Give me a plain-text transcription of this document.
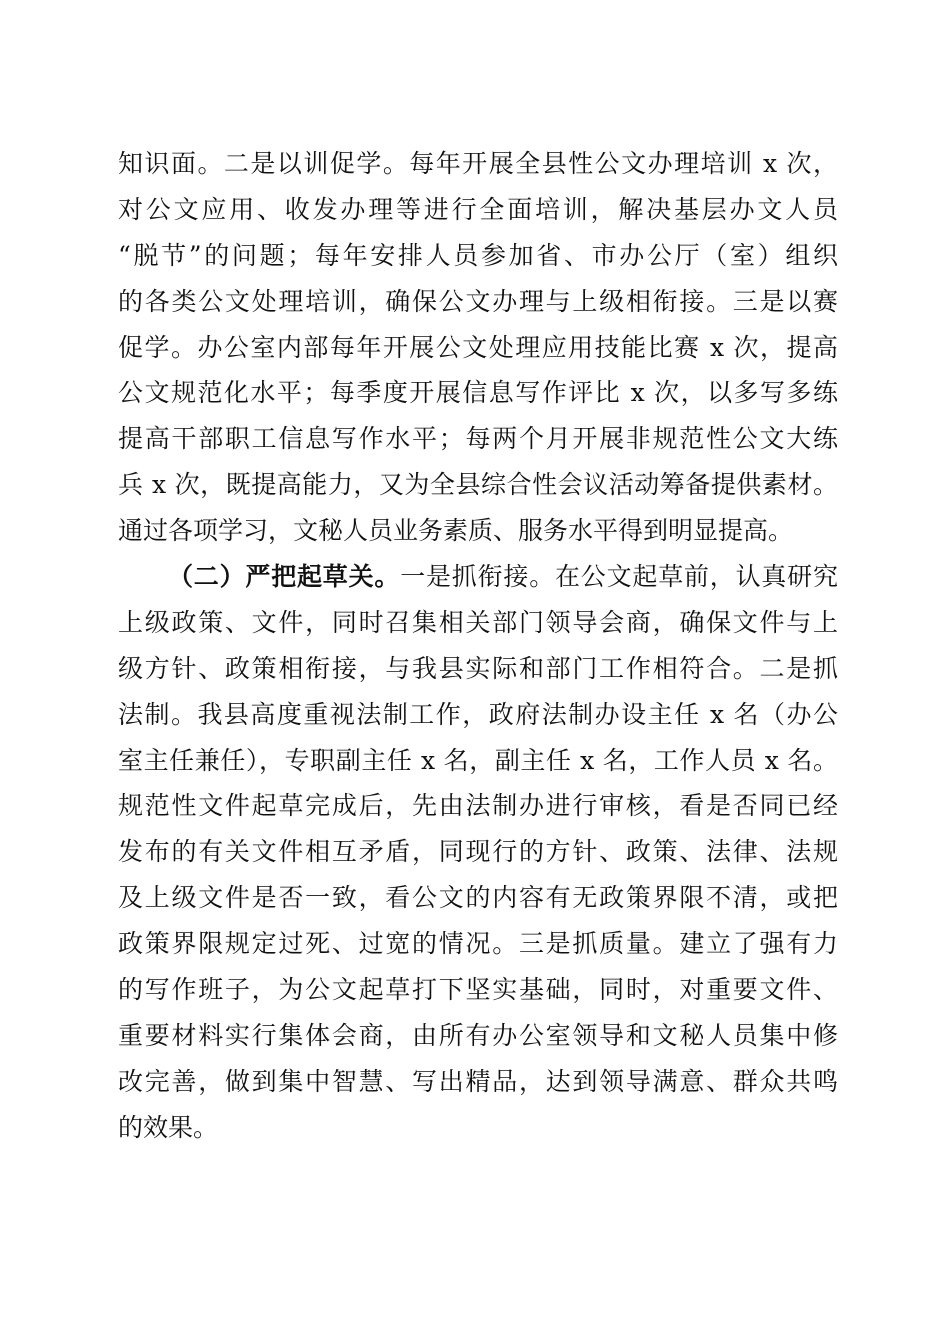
知识面。二是以训促学。每年开展全县性公文办理培训 x 次，
对公文应用、收发办理等进行全面培训，解决基层办文人员
“脱节”的问题；每年安排人员参加省、市办公厅（室）组织
的各类公文处理培训，确保公文办理与上级相衔接。三是以赛
促学。办公室内部每年开展公文处理应用技能比赛 x 次，提高
公文规范化水平；每季度开展信息写作评比 x 次，以多写多练
提高干部职工信息写作水平；每两个月开展非规范性公文大练
兵 x 次，既提高能力，又为全县综合性会议活动筹备提供素材。
通过各项学习，文秘人员业务素质、服务水平得到明显提高。
（二）严把起草关。一是抓衔接。在公文起草前，认真研究
上级政策、文件，同时召集相关部门领导会商，确保文件与上
级方针、政策相衔接，与我县实际和部门工作相符合。二是抓
法制。我县高度重视法制工作，政府法制办设主任 x 名（办公
室主任兼任），专职副主任 x 名，副主任 x 名，工作人员 x 名。
规范性文件起草完成后，先由法制办进行审核，看是否同已经
发布的有关文件相互矛盾，同现行的方针、政策、法律、法规
及上级文件是否一致，看公文的内容有无政策界限不清，或把
政策界限规定过死、过宽的情况。三是抓质量。建立了强有力
的写作班子，为公文起草打下坚实基础，同时，对重要文件、
重要材料实行集体会商，由所有办公室领导和文秘人员集中修
改完善，做到集中智慧、写出精品，达到领导满意、群众共鸣
的效果。
